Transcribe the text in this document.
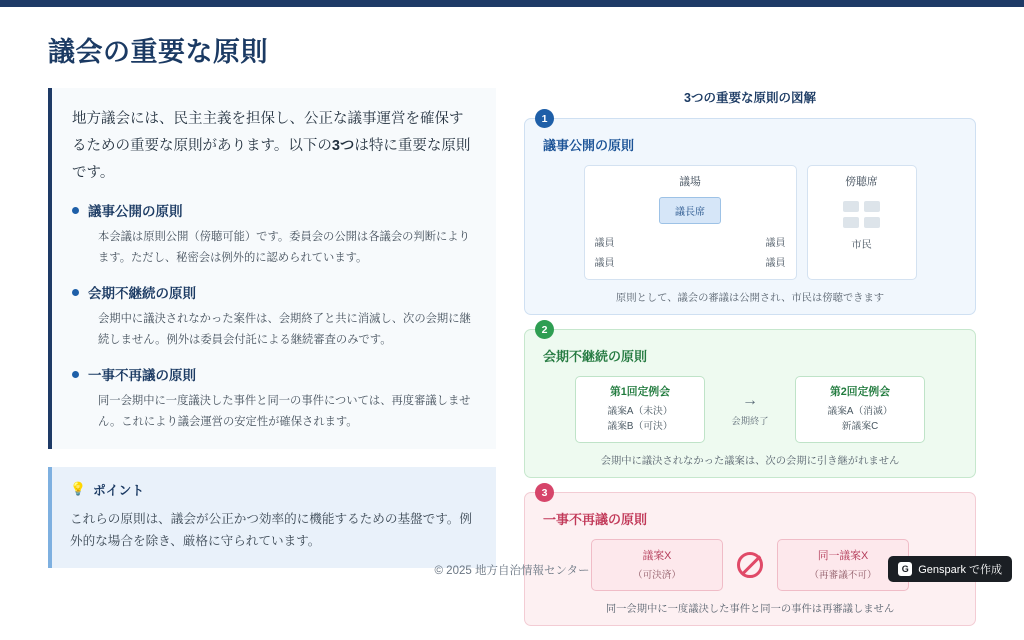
議会の重要な原則
地方議会には、民主主義を担保し、公正な議事運営を確保するための重要な原則があります。以下の3つは特に重要な原則です。
議事公開の原則
本会議は原則公開（傍聴可能）です。委員会の公開は各議会の判断によります。ただし、秘密会は例外的に認められています。
会期不継続の原則
会期中に議決されなかった案件は、会期終了と共に消滅し、次の会期に継続しません。例外は委員会付託による継続審査のみです。
一事不再議の原則
同一会期中に一度議決した事件と同一の事件については、再度審議しません。これにより議会運営の安定性が確保されます。
💡 ポイント
これらの原則は、議会が公正かつ効率的に機能するための基盤です。例外的な場合を除き、厳格に守られています。
3つの重要な原則の図解
1
議事公開の原則
議場
議長席
議員
議員
議員
議員
傍聴席
市民
原則として、議会の審議は公開され、市民は傍聴できます
2
会期不継続の原則
第1回定例会
議案A（未決）
議案B（可決）
→
会期終了
第2回定例会
議案A（消滅）
新議案C
会期中に議決されなかった議案は、次の会期に引き継がれません
3
一事不再議の原則
議案X
（可決済）
同一議案X
（再審議不可）
同一会期中に一度議決した事件と同一の事件は再審議しません
© 2025 地方自治情報センター	G Genspark で作成
